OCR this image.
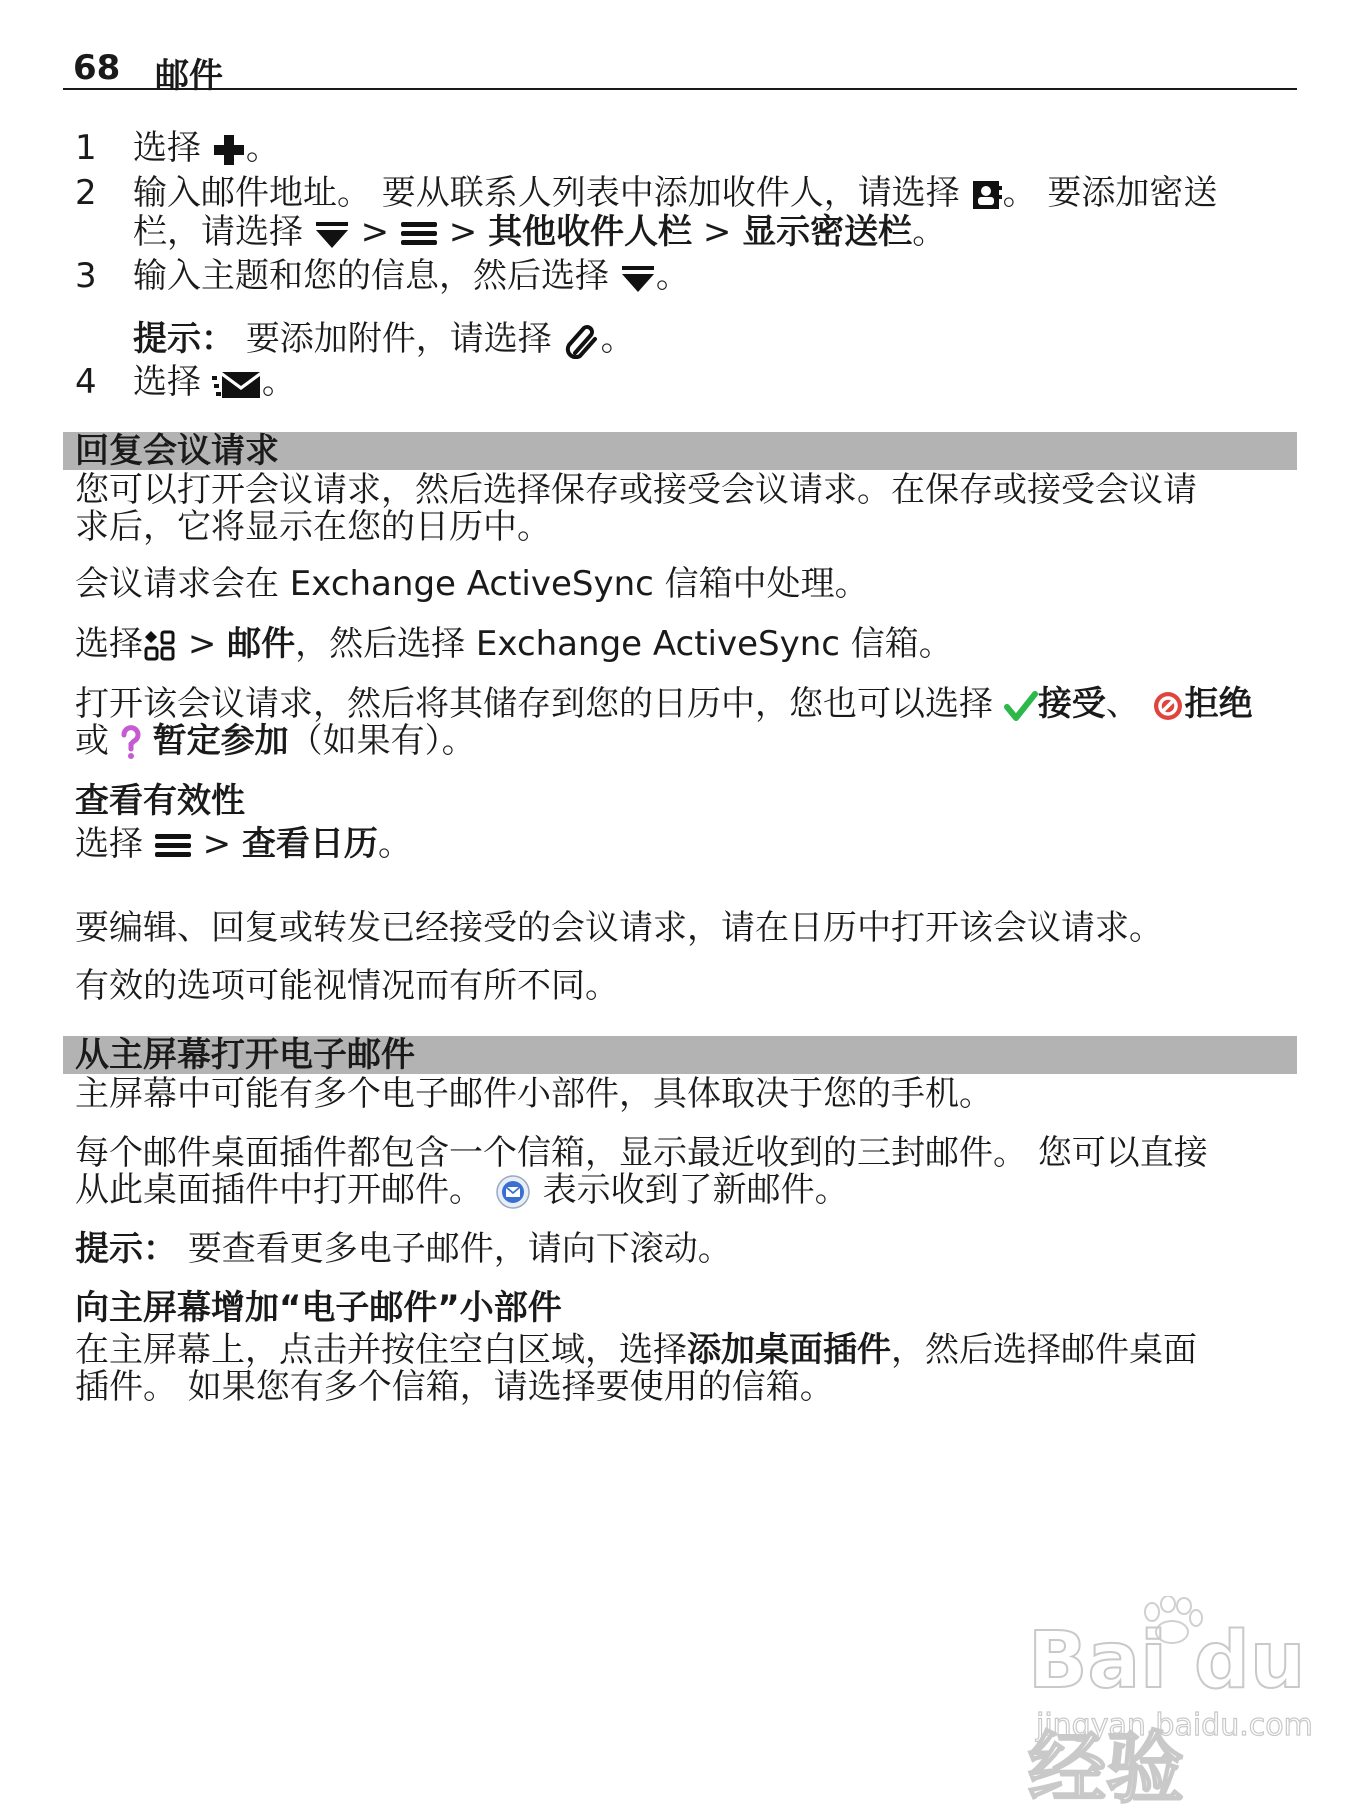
68 邮件
1 选择 。
2 输入邮件地址。 要从联系人列表中添加收件人，请选择 。 要添加密送
栏，请选择 > > 其他收件人栏 > 显示密送栏。
3 输入主题和您的信息，然后选择 。
提示： 要添加附件，请选择 。
4 选择 。
回复会议请求
您可以打开会议请求，然后选择保存或接受会议请求。在保存或接受会议请
求后，它将显示在您的日历中。
会议请求会在 Exchange ActiveSync 信箱中处理。
选择 > 邮件，然后选择 Exchange ActiveSync 信箱。
打开该会议请求，然后将其储存到您的日历中，您也可以选择 接受、 拒绝
或 暂定参加（如果有）。
查看有效性
选择 > 查看日历。
要编辑、回复或转发已经接受的会议请求，请在日历中打开该会议请求。
有效的选项可能视情况而有所不同。
从主屏幕打开电子邮件
主屏幕中可能有多个电子邮件小部件，具体取决于您的手机。
每个邮件桌面插件都包含一个信箱，显示最近收到的三封邮件。 您可以直接
从此桌面插件中打开邮件。 表示收到了新邮件。
提示： 要查看更多电子邮件，请向下滚动。
向主屏幕增加“电子邮件”小部件
在主屏幕上，点击并按住空白区域，选择添加桌面插件，然后选择邮件桌面
插件。 如果您有多个信箱，请选择要使用的信箱。
Bai du 经验
jingyan.baidu.com
